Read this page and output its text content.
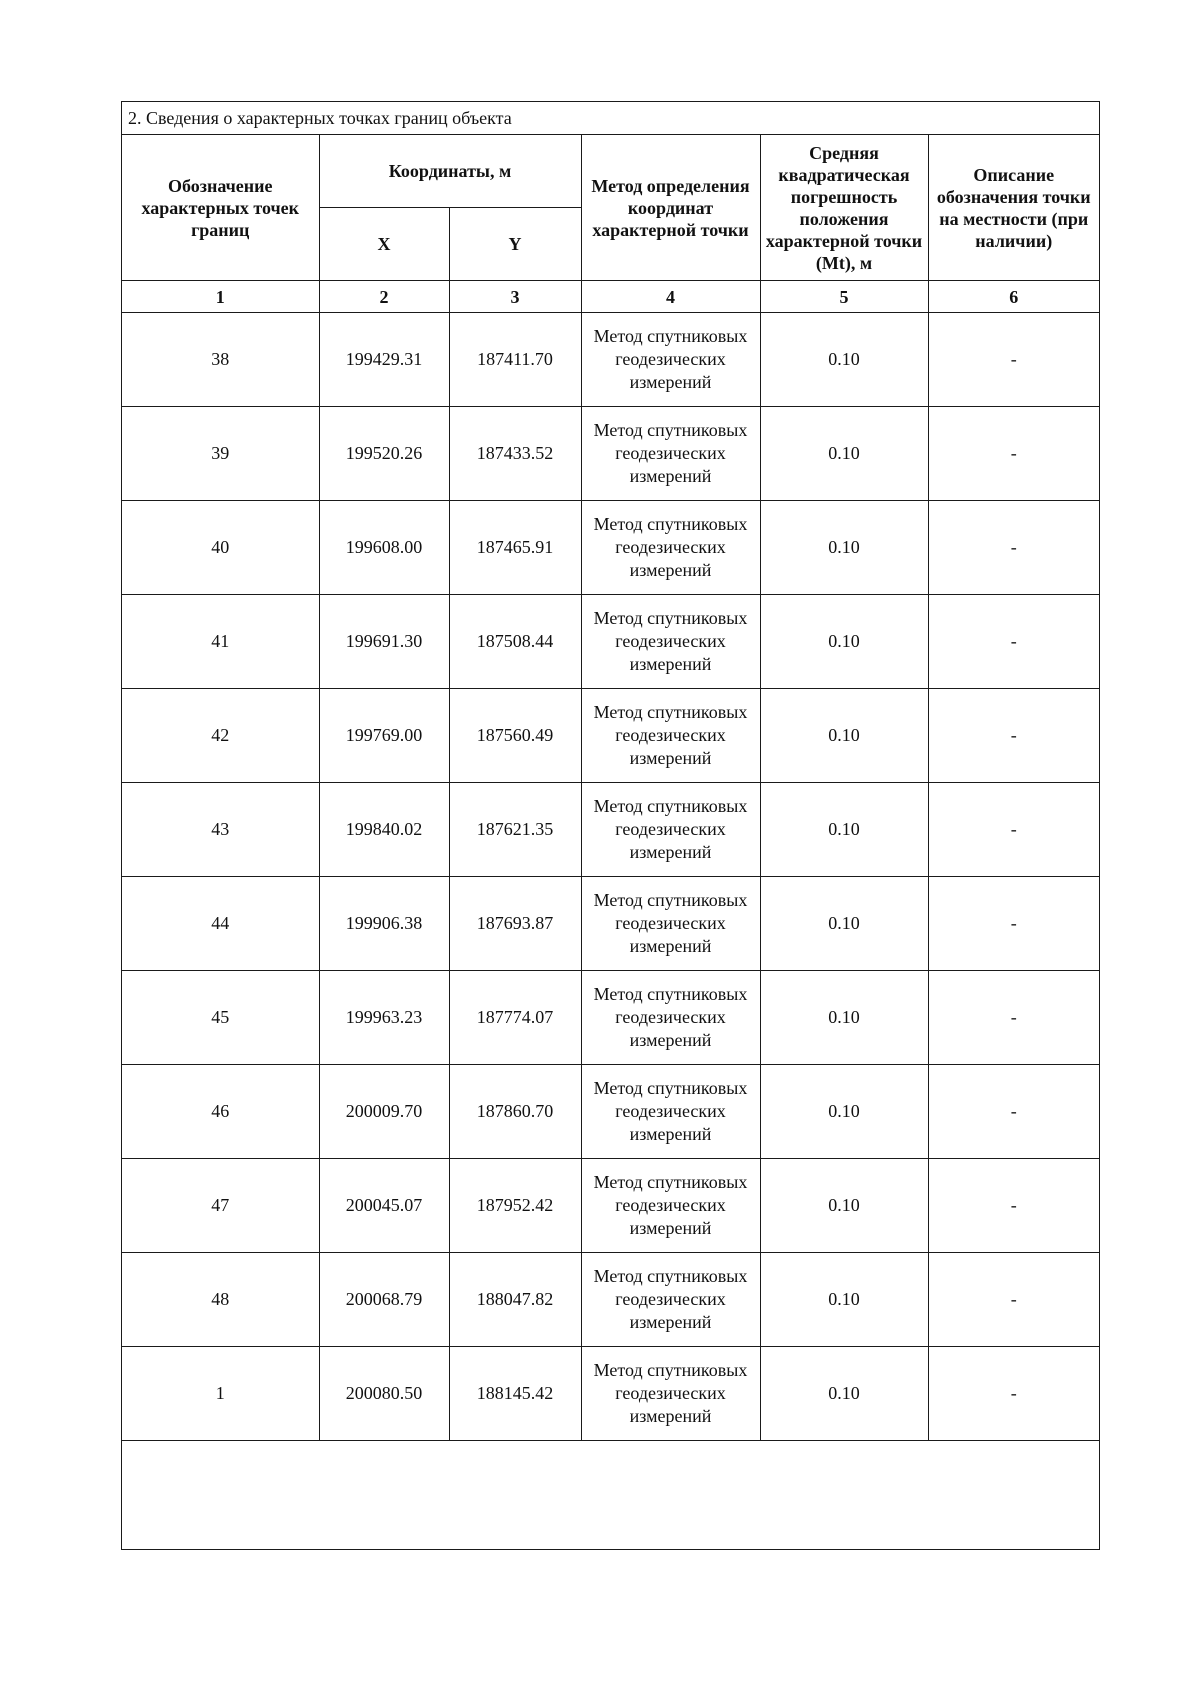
2. Сведения о характерных точках границ объекта
Обозначение характерных точек границ	Координаты, м		Метод определения координат характерной точки	Средняя квадратическая погрешность положения характерной точки (Mt), м	Описание обозначения точки на местности (при наличии)
	X	Y			
1	2	3	4	5	6
38	199429.31	187411.70	Метод спутниковых геодезических измерений	0.10	-
39	199520.26	187433.52	Метод спутниковых геодезических измерений	0.10	-
40	199608.00	187465.91	Метод спутниковых геодезических измерений	0.10	-
41	199691.30	187508.44	Метод спутниковых геодезических измерений	0.10	-
42	199769.00	187560.49	Метод спутниковых геодезических измерений	0.10	-
43	199840.02	187621.35	Метод спутниковых геодезических измерений	0.10	-
44	199906.38	187693.87	Метод спутниковых геодезических измерений	0.10	-
45	199963.23	187774.07	Метод спутниковых геодезических измерений	0.10	-
46	200009.70	187860.70	Метод спутниковых геодезических измерений	0.10	-
47	200045.07	187952.42	Метод спутниковых геодезических измерений	0.10	-
48	200068.79	188047.82	Метод спутниковых геодезических измерений	0.10	-
1	200080.50	188145.42	Метод спутниковых геодезических измерений	0.10	-
